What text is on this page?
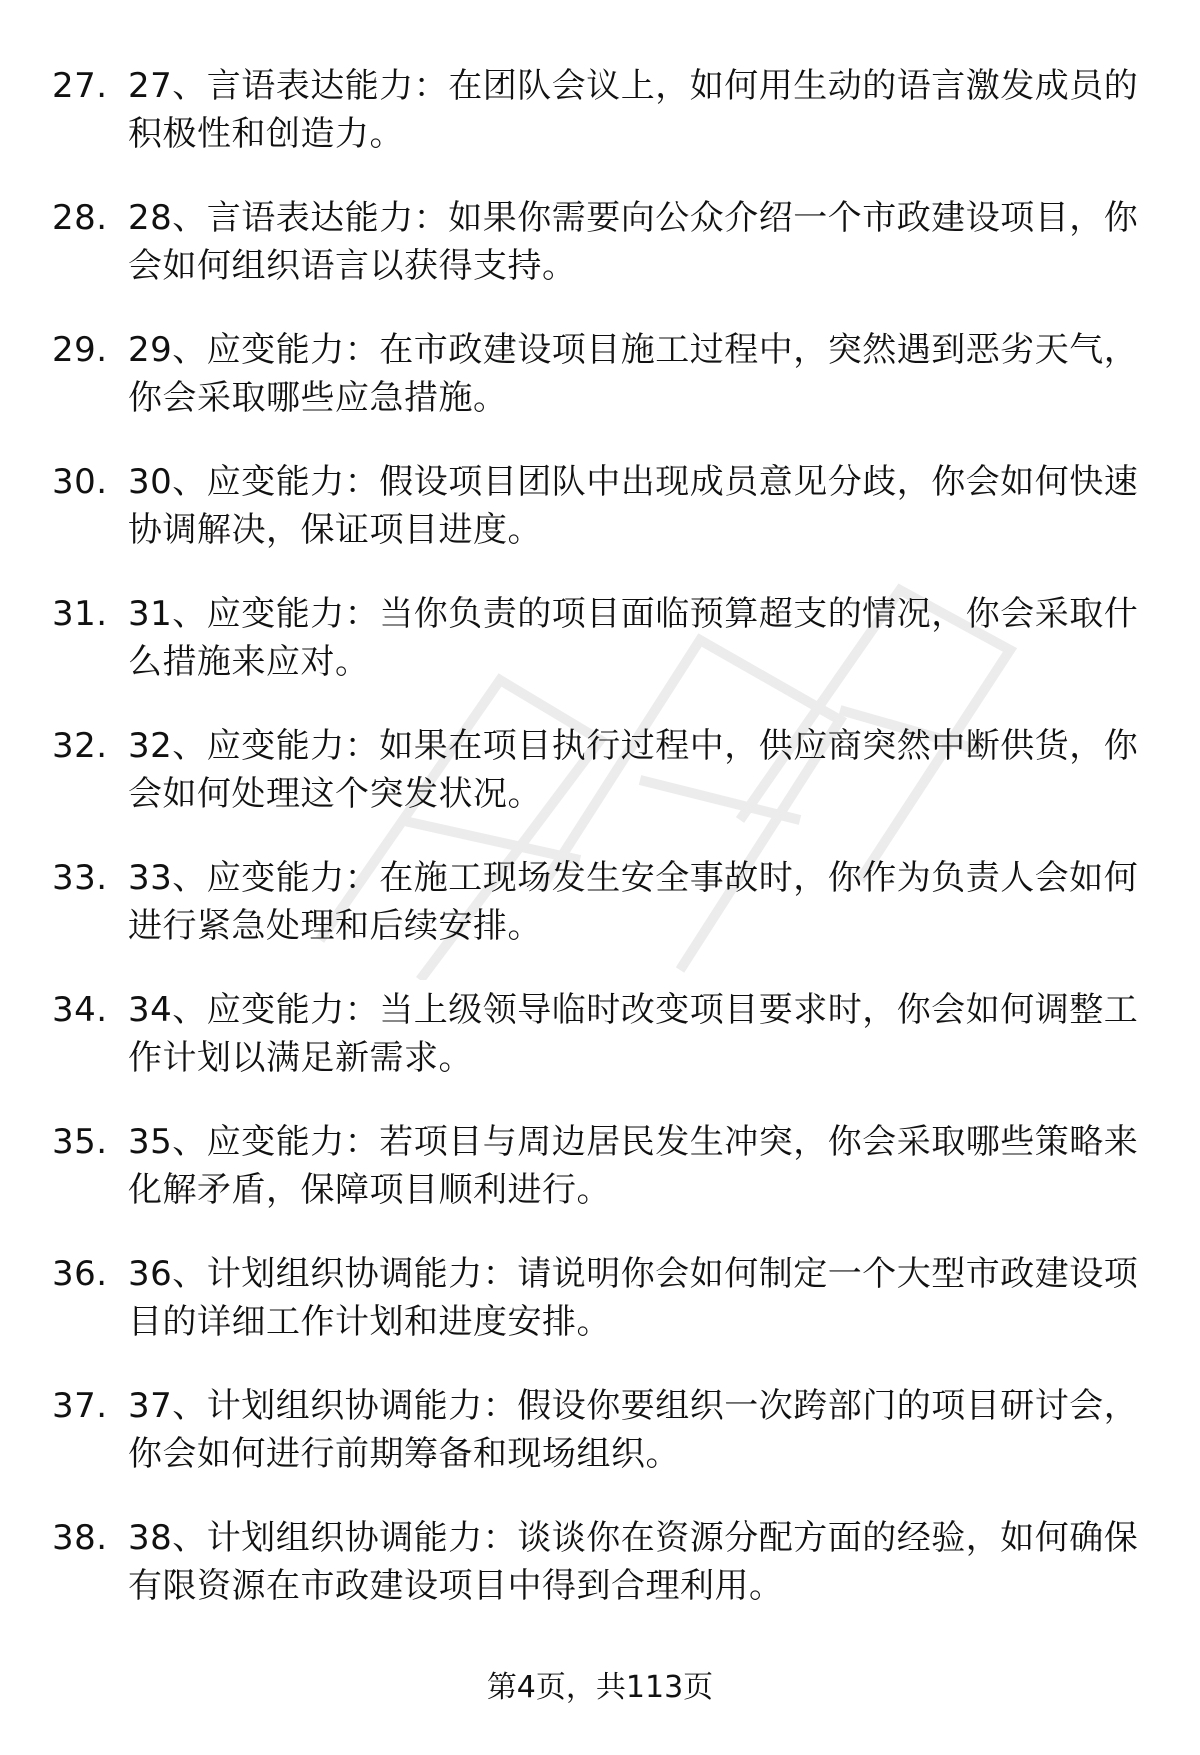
27. 27、言语表达能力：在团队会议上，如何用生动的语言激发成员的积极性和创造力。
28. 28、言语表达能力：如果你需要向公众介绍一个市政建设项目，你会如何组织语言以获得支持。
29. 29、应变能力：在市政建设项目施工过程中，突然遇到恶劣天气，你会采取哪些应急措施。
30. 30、应变能力：假设项目团队中出现成员意见分歧，你会如何快速协调解决，保证项目进度。
31. 31、应变能力：当你负责的项目面临预算超支的情况，你会采取什么措施来应对。
32. 32、应变能力：如果在项目执行过程中，供应商突然中断供货，你会如何处理这个突发状况。
33. 33、应变能力：在施工现场发生安全事故时，你作为负责人会如何进行紧急处理和后续安排。
34. 34、应变能力：当上级领导临时改变项目要求时，你会如何调整工作计划以满足新需求。
35. 35、应变能力：若项目与周边居民发生冲突，你会采取哪些策略来化解矛盾，保障项目顺利进行。
36. 36、计划组织协调能力：请说明你会如何制定一个大型市政建设项目的详细工作计划和进度安排。
37. 37、计划组织协调能力：假设你要组织一次跨部门的项目研讨会，你会如何进行前期筹备和现场组织。
38. 38、计划组织协调能力：谈谈你在资源分配方面的经验，如何确保有限资源在市政建设项目中得到合理利用。
第4页，共113页
